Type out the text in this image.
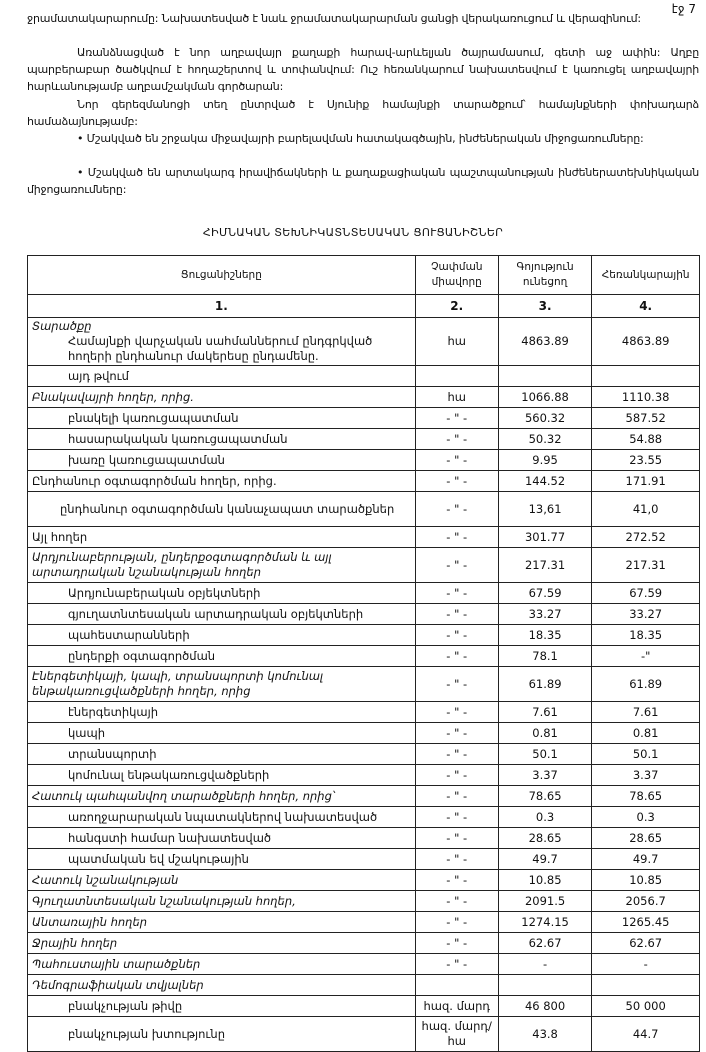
էջ 7
ջրամատակարարումը: Նախատեսված է նաև ջրամատակարարման ցանցի վերակառուցում և վերազինում:
Առանձնացված է նոր աղբավայր քաղաքի հարավ-արևելյան ծայրամասում, գետի աջ ափին: Աղբը պարբերաբար ծածկվում է հողաշերտով և տոփանվում: Ուշ հեռանկարում նախատեսվում է կառուցել աղբավայրի հարևանությամբ աղբամշակման գործարան:
Նոր գերեզմանոցի տեղ ընտրված է Սյունիք համայնքի տարածքում՝ համայնքների փոխադարձ համաձայնությամբ:
• Մշակված են շրջակա միջավայրի բարելավման հատակագծային, ինժեներական միջոցառումները:
• Մշակված են արտակարգ իրավիճակների և քաղաքացիական պաշտպանության ինժեներատեխնիկական միջոցառումները:
ՀԻՄՆԱԿԱՆ ՏԵԽՆԻԿԱՏՆՏԵՍԱԿԱՆ ՑՈՒՑԱՆԻՇՆԵՐ
Ցուցանիշները	Չափման միավորը	Գոյություն ունեցող	Հեռանկարային
1.	2.	3.	4.

Տարածքը
Համայնքի վարչական սահմաններում ընդգրկված հողերի ընդհանուր մակերեսը ընդամենը.	հա	4863.89	4863.89
այդ թվում			
Բնակավայրի հողեր, որից.	հա	1066.88	1110.38
բնակելի կառուցապատման	- " -	560.32	587.52
հասարակական կառուցապատման	- " -	50.32	54.88
խառը կառուցապատման	- " -	9.95	23.55
Ընդհանուր օգտագործման հողեր, որից.	- " -	144.52	171.91
ընդհանուր օգտագործման կանաչապատ տարածքներ	- " -	13,61	41,0
Այլ հողեր	- " -	301.77	272.52
Արդյունաբերության, ընդերքօգտագործման և այլ արտադրական նշանակության հողեր	- " -	217.31	217.31
Արդյունաբերական օբյեկտների	- " -	67.59	67.59
գյուղատնտեսական արտադրական օբյեկտների	- " -	33.27	33.27
պահեստարանների	- " -	18.35	18.35
ընդերքի օգտագործման	- " -	78.1	-"
Էներգետիկայի, կապի, տրանսպորտի կոմունալ ենթակառուցվածքների հողեր, որից	- " -	61.89	61.89
էներգետիկայի	- " -	7.61	7.61
կապի	- " -	0.81	0.81
տրանսպորտի	- " -	50.1	50.1
կոմունալ ենթակառուցվածքների	- " -	3.37	3.37
Հատուկ պահպանվող տարածքների հողեր, որից՝	- " -	78.65	78.65
առողջարարական նպատակներով նախատեսված	- " -	0.3	0.3
հանգստի համար նախատեսված	- " -	28.65	28.65
պատմական եվ մշակութային	- " -	49.7	49.7
Հատուկ նշանակության	- " -	10.85	10.85
Գյուղատնտեսական նշանակության հողեր,	- " -	2091.5	2056.7
Անտառային հողեր	- " -	1274.15	1265.45
Ջրային հողեր	- " -	62.67	62.67
Պահուստային տարածքներ	- " -	-	-
Դեմոգրաֆիական տվյալներ			
բնակչության թիվը	հազ. մարդ	46 800	50 000
բնակչության խտությունը	հազ. մարդ/հա	43.8	44.7
